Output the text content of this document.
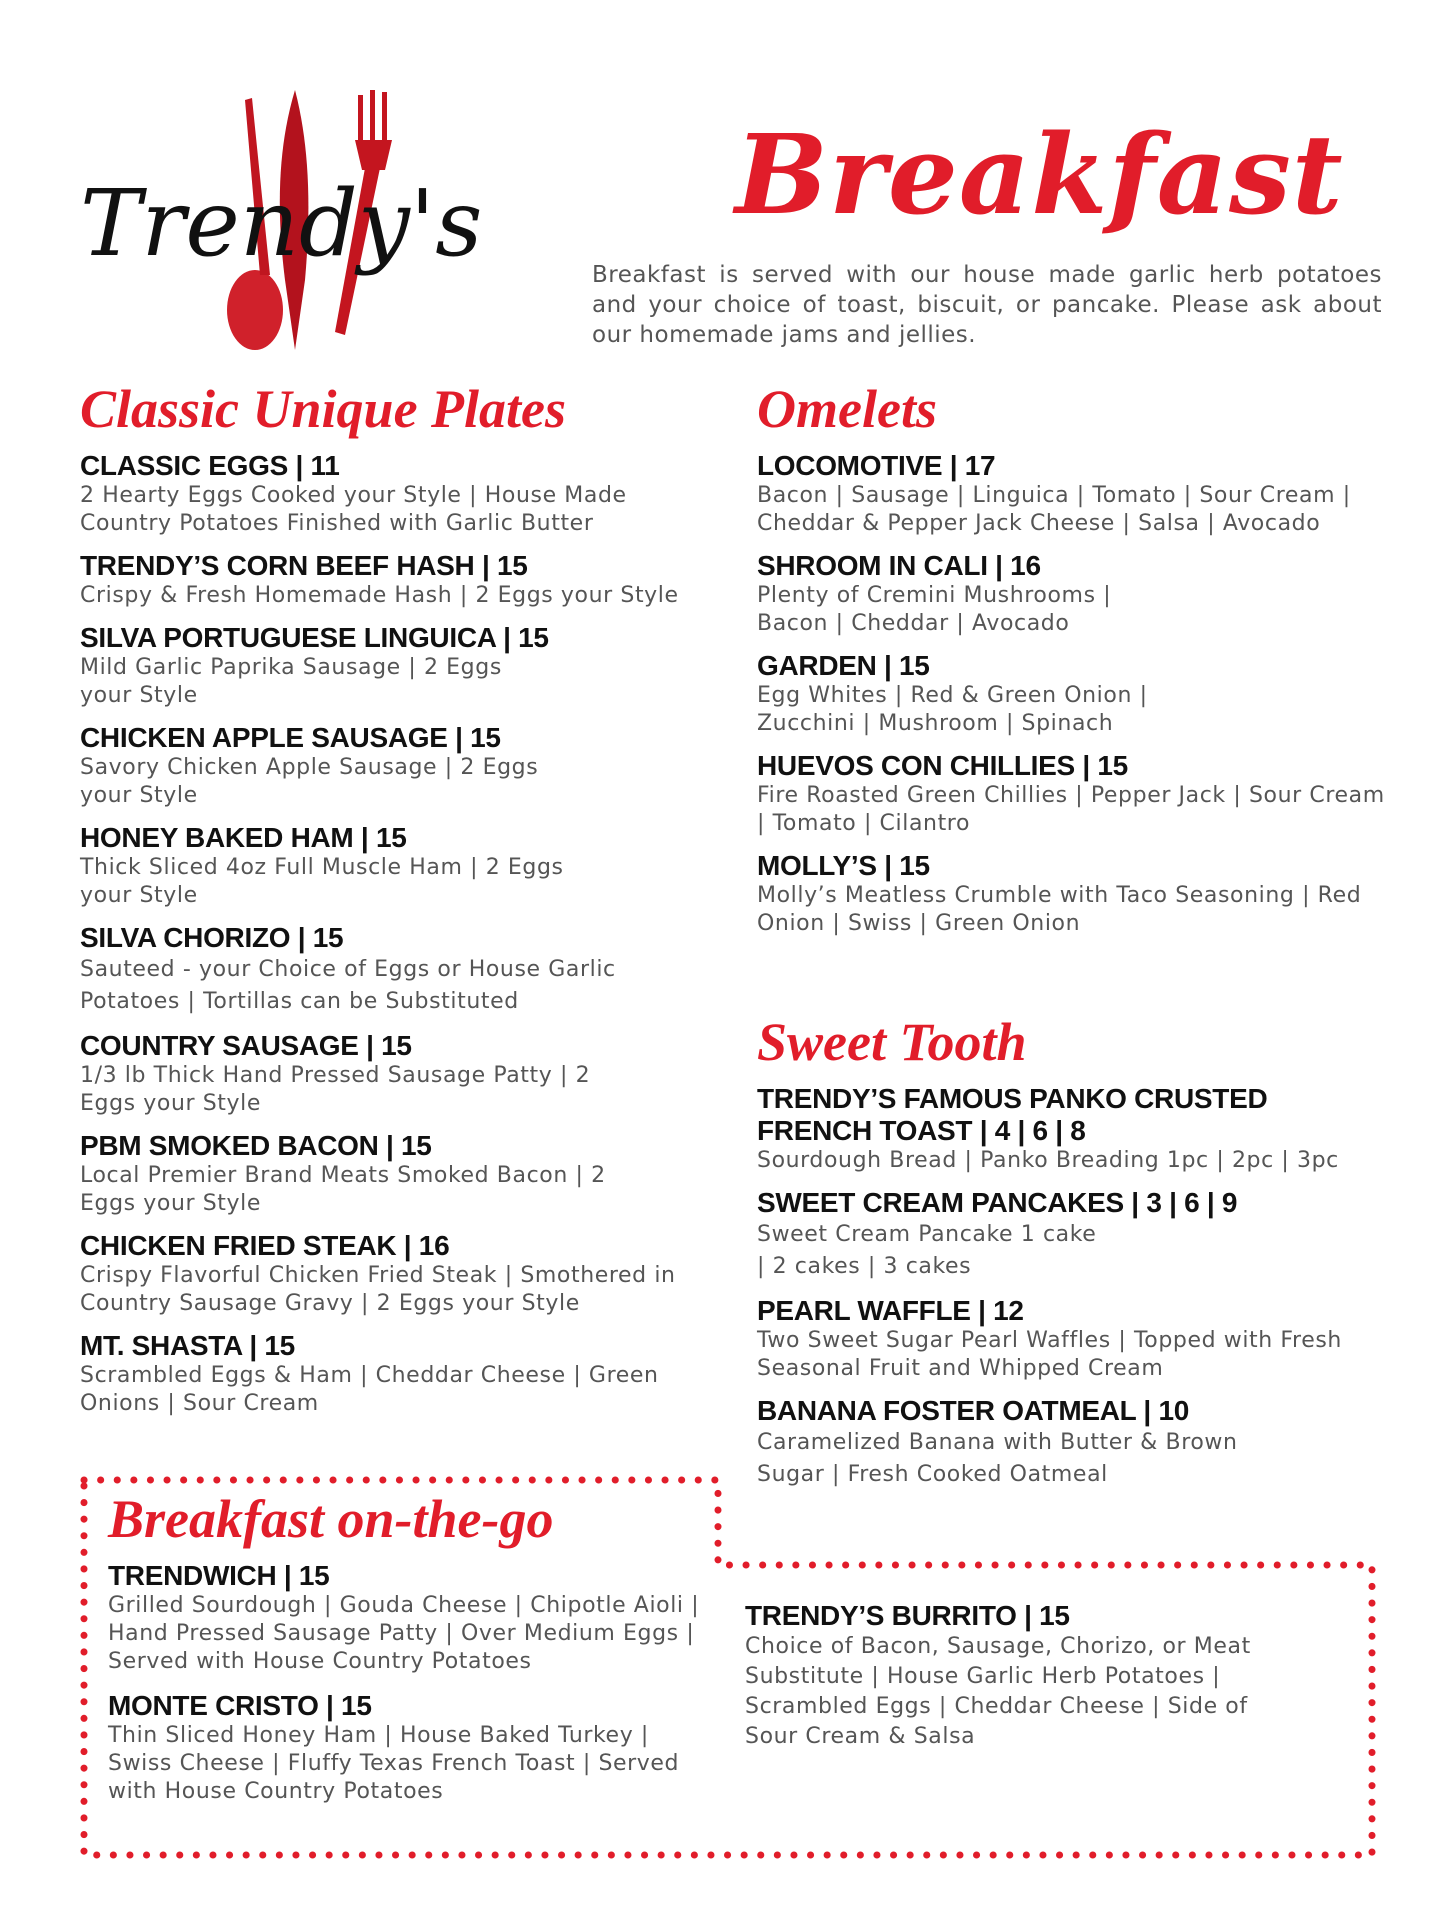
Trendy's Breakfast
Breakfast is served with our house made garlic herb potatoes and your choice of toast, biscuit, or pancake. Please ask about our homemade jams and jellies.
Classic Unique Plates
CLASSIC EGGS | 11
2 Hearty Eggs Cooked your Style | House Made Country Potatoes Finished with Garlic Butter
TRENDY’S CORN BEEF HASH | 15
Crispy & Fresh Homemade Hash | 2 Eggs your Style
SILVA PORTUGUESE LINGUICA | 15
Mild Garlic Paprika Sausage | 2 Eggs your Style
CHICKEN APPLE SAUSAGE | 15
Savory Chicken Apple Sausage | 2 Eggs your Style
HONEY BAKED HAM | 15
Thick Sliced 4oz Full Muscle Ham | 2 Eggs your Style
SILVA CHORIZO | 15
Sauteed - your Choice of Eggs or House Garlic Potatoes | Tortillas can be Substituted
COUNTRY SAUSAGE | 15
1/3 lb Thick Hand Pressed Sausage Patty | 2 Eggs your Style
PBM SMOKED BACON | 15
Local Premier Brand Meats Smoked Bacon | 2 Eggs your Style
CHICKEN FRIED STEAK | 16
Crispy Flavorful Chicken Fried Steak | Smothered in Country Sausage Gravy | 2 Eggs your Style
MT. SHASTA | 15
Scrambled Eggs & Ham | Cheddar Cheese | Green Onions | Sour Cream
Omelets
LOCOMOTIVE | 17
Bacon | Sausage | Linguica | Tomato | Sour Cream | Cheddar & Pepper Jack Cheese | Salsa | Avocado
SHROOM IN CALI | 16
Plenty of Cremini Mushrooms | Bacon | Cheddar | Avocado
GARDEN | 15
Egg Whites | Red & Green Onion | Zucchini | Mushroom | Spinach
HUEVOS CON CHILLIES | 15
Fire Roasted Green Chillies | Pepper Jack | Sour Cream | Tomato | Cilantro
MOLLY’S | 15
Molly’s Meatless Crumble with Taco Seasoning | Red Onion | Swiss | Green Onion
Sweet Tooth
TRENDY’S FAMOUS PANKO CRUSTED FRENCH TOAST | 4 | 6 | 8
Sourdough Bread | Panko Breading 1pc | 2pc | 3pc
SWEET CREAM PANCAKES | 3 | 6 | 9
Sweet Cream Pancake 1 cake | 2 cakes | 3 cakes
PEARL WAFFLE | 12
Two Sweet Sugar Pearl Waffles | Topped with Fresh Seasonal Fruit and Whipped Cream
BANANA FOSTER OATMEAL | 10
Caramelized Banana with Butter & Brown Sugar | Fresh Cooked Oatmeal
Breakfast on-the-go
TRENDWICH | 15
Grilled Sourdough | Gouda Cheese | Chipotle Aioli | Hand Pressed Sausage Patty | Over Medium Eggs | Served with House Country Potatoes
MONTE CRISTO | 15
Thin Sliced Honey Ham | House Baked Turkey | Swiss Cheese | Fluffy Texas French Toast | Served with House Country Potatoes
TRENDY’S BURRITO | 15
Choice of Bacon, Sausage, Chorizo, or Meat Substitute | House Garlic Herb Potatoes | Scrambled Eggs | Cheddar Cheese | Side of Sour Cream & Salsa
